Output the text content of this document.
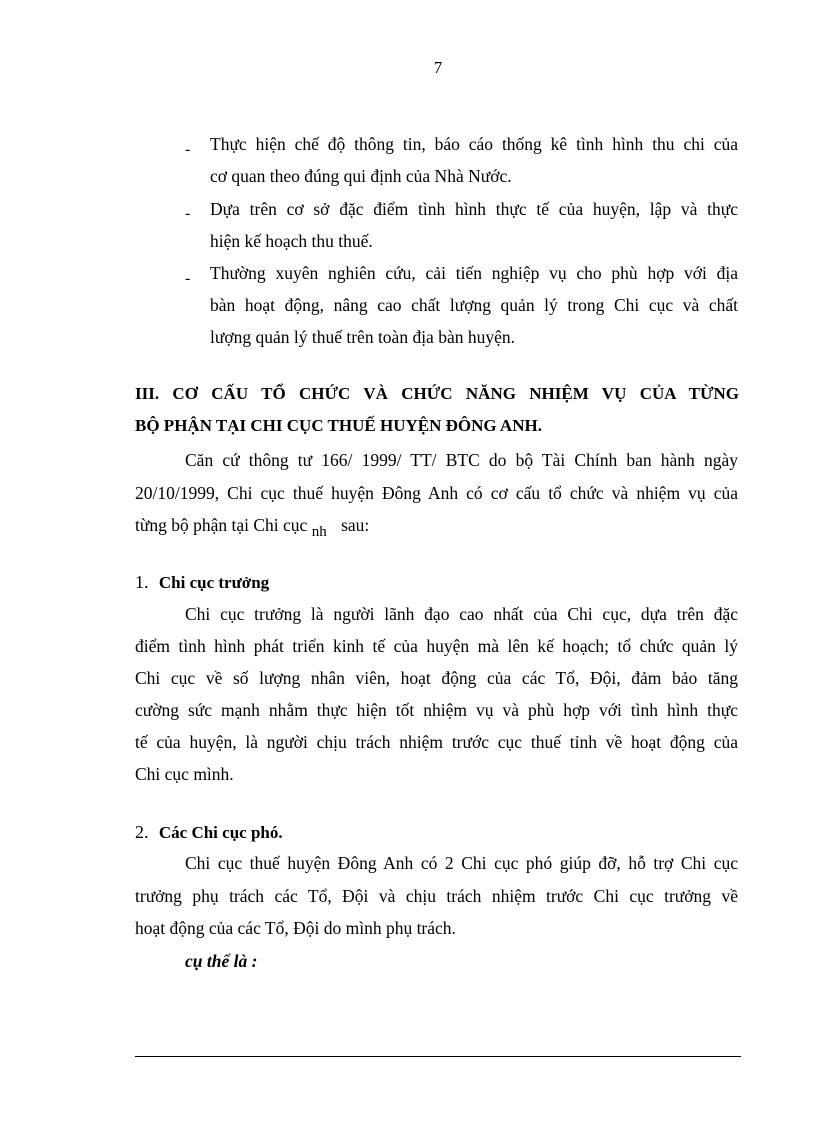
7
- Thực hiện chế độ thông tin, báo cáo thống kê tình hình thu chi của
cơ quan theo đúng qui định của Nhà Nước.
- Dựa trên cơ sở đặc điểm tình hình thực tế của huyện, lập và thực
hiện kế hoạch thu thuế.
- Thường xuyên nghiên cứu, cải tiến nghiệp vụ cho phù hợp với địa
bàn hoạt động, nâng cao chất lượng quản lý trong Chi cục và chất
lượng quản lý thuế trên toàn địa bàn huyện.
III. CƠ CẤU TỔ CHỨC VÀ CHỨC NĂNG NHIỆM VỤ CỦA TỪNG
BỘ PHẬN TẠI CHI CỤC THUẾ HUYỆN ĐÔNG ANH.
Căn cứ thông tư 166/ 1999/ TT/ BTC do bộ Tài Chính ban hành ngày
20/10/1999, Chi cục thuế huyện Đông Anh có cơ cấu tổ chức và nhiệm vụ của
từng bộ phận tại Chi cục nh sau:
1. Chi cục trưởng
Chi cục trưởng là người lãnh đạo cao nhất của Chi cục, dựa trên đặc
điểm tình hình phát triển kinh tế của huyện mà lên kế hoạch; tổ chức quản lý
Chi cục về số lượng nhân viên, hoạt động của các Tổ, Đội, đảm bảo tăng
cường sức mạnh nhằm thực hiện tốt nhiệm vụ và phù hợp với tình hình thực
tế của huyện, là người chịu trách nhiệm trước cục thuế tỉnh về hoạt động của
Chi cục mình.
2. Các Chi cục phó.
Chi cục thuế huyện Đông Anh có 2 Chi cục phó giúp đỡ, hỗ trợ Chi cục
trưởng phụ trách các Tổ, Đội và chịu trách nhiệm trước Chi cục trưởng về
hoạt động của các Tổ, Đội do mình phụ trách.
cụ thể là :
